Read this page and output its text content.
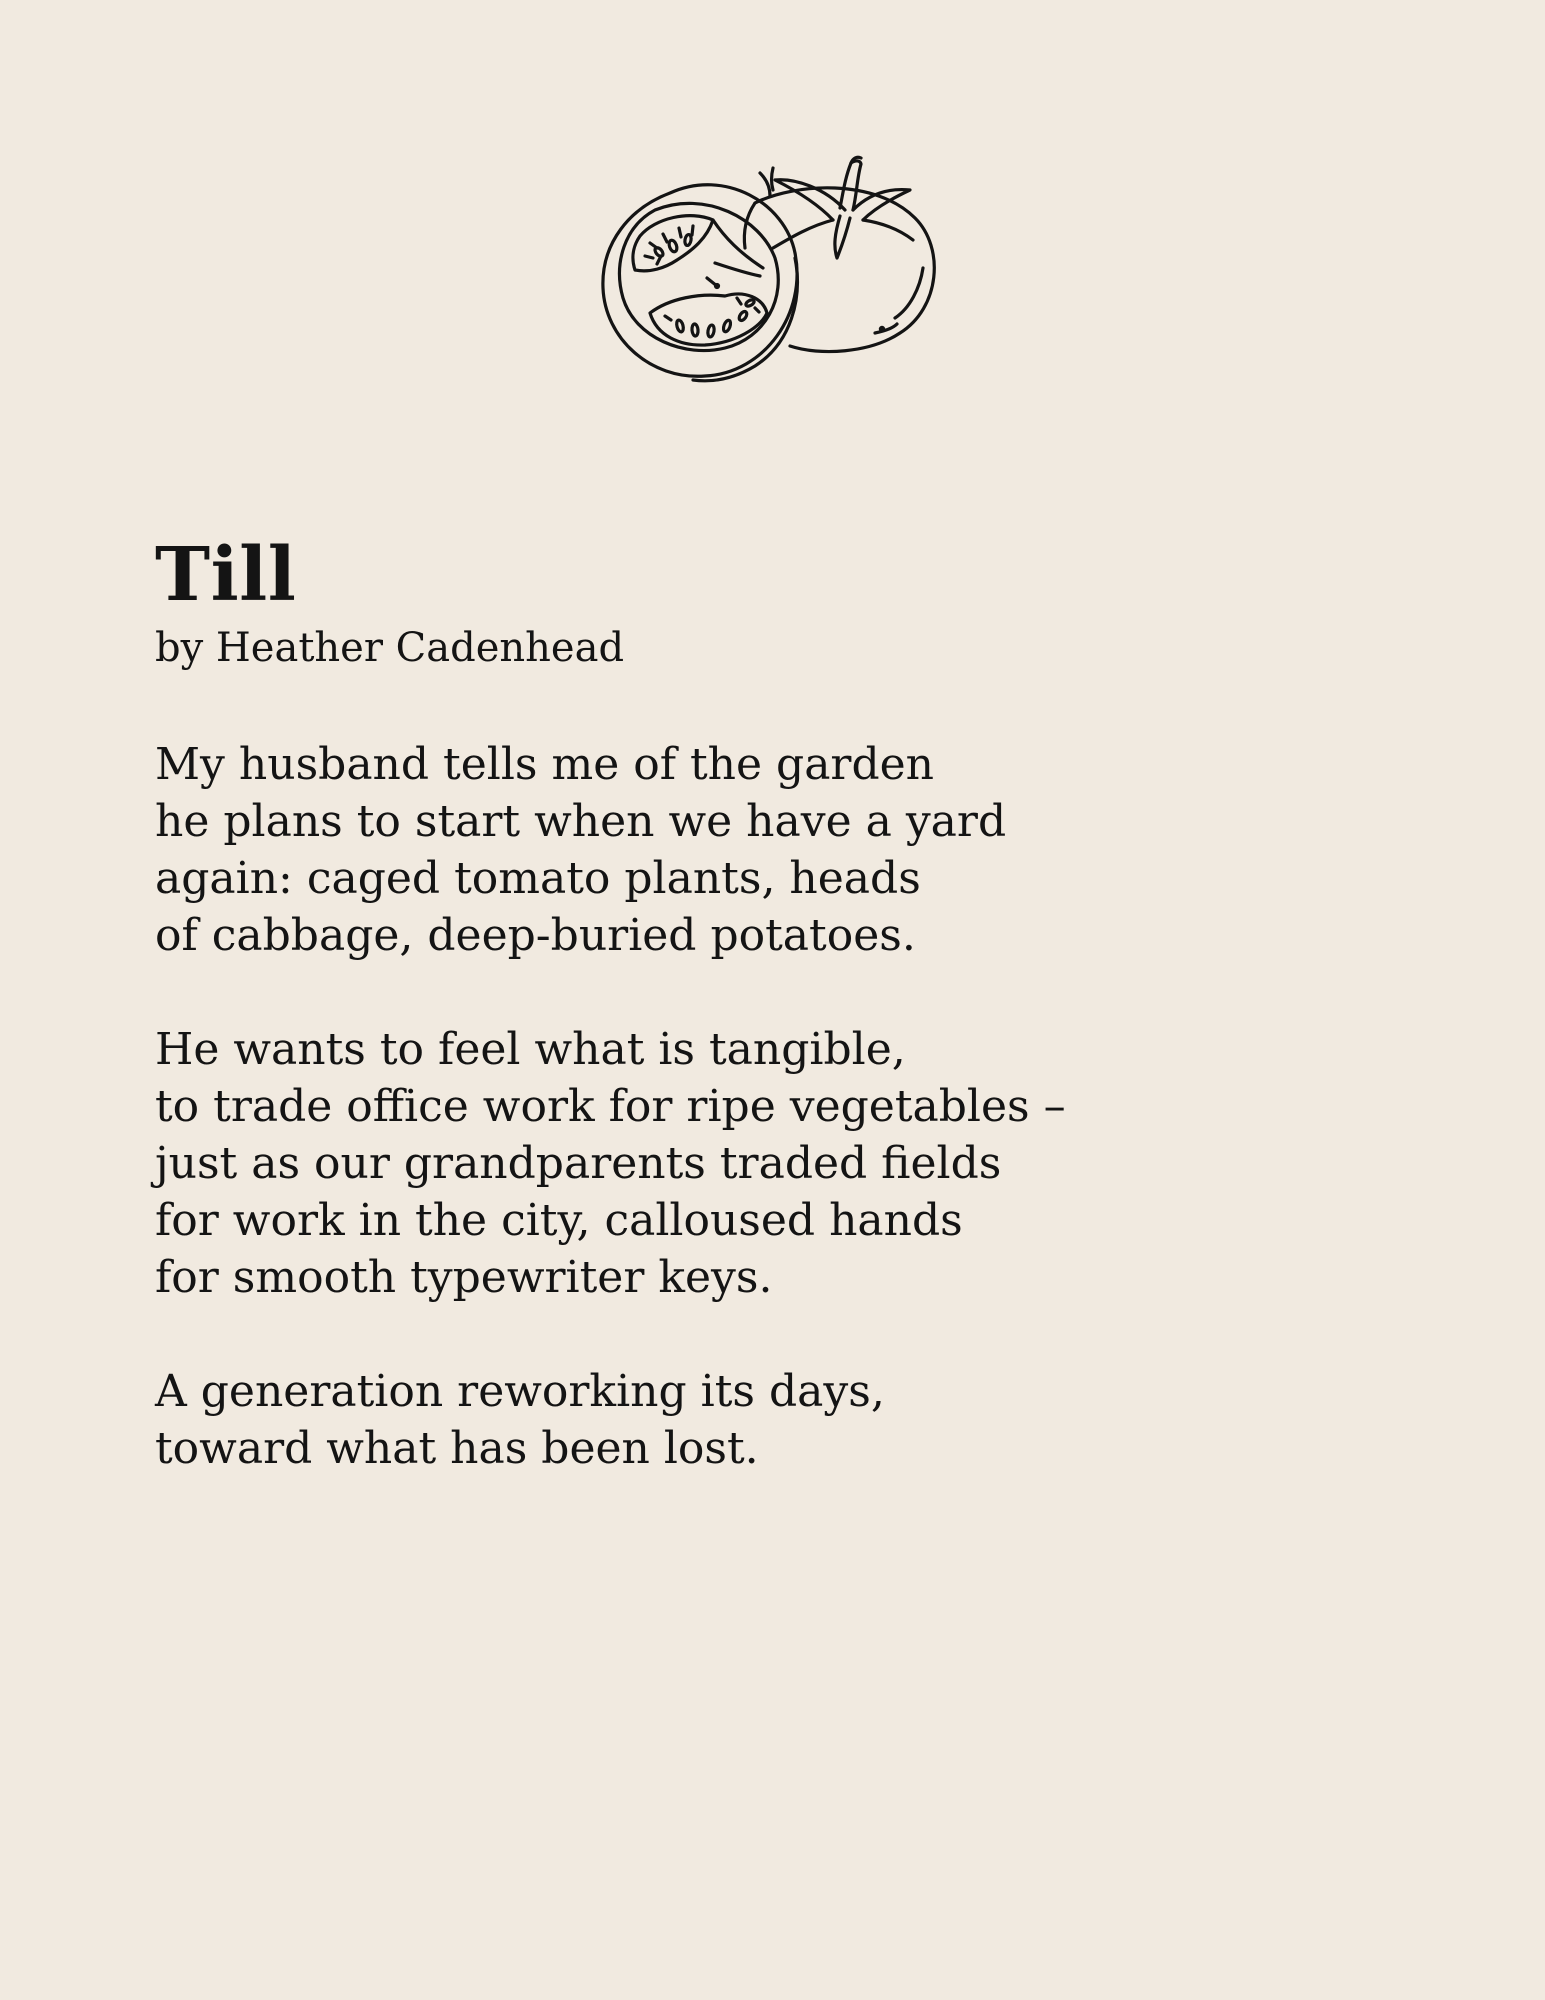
Till

by Heather Cadenhead

My husband tells me of the garden
he plans to start when we have a yard
again: caged tomato plants, heads
of cabbage, deep-buried potatoes.
He wants to feel what is tangible,
to trade office work for ripe vegetables –
just as our grandparents traded fields
for work in the city, calloused hands
for smooth typewriter keys.
A generation reworking its days,
toward what has been lost.
